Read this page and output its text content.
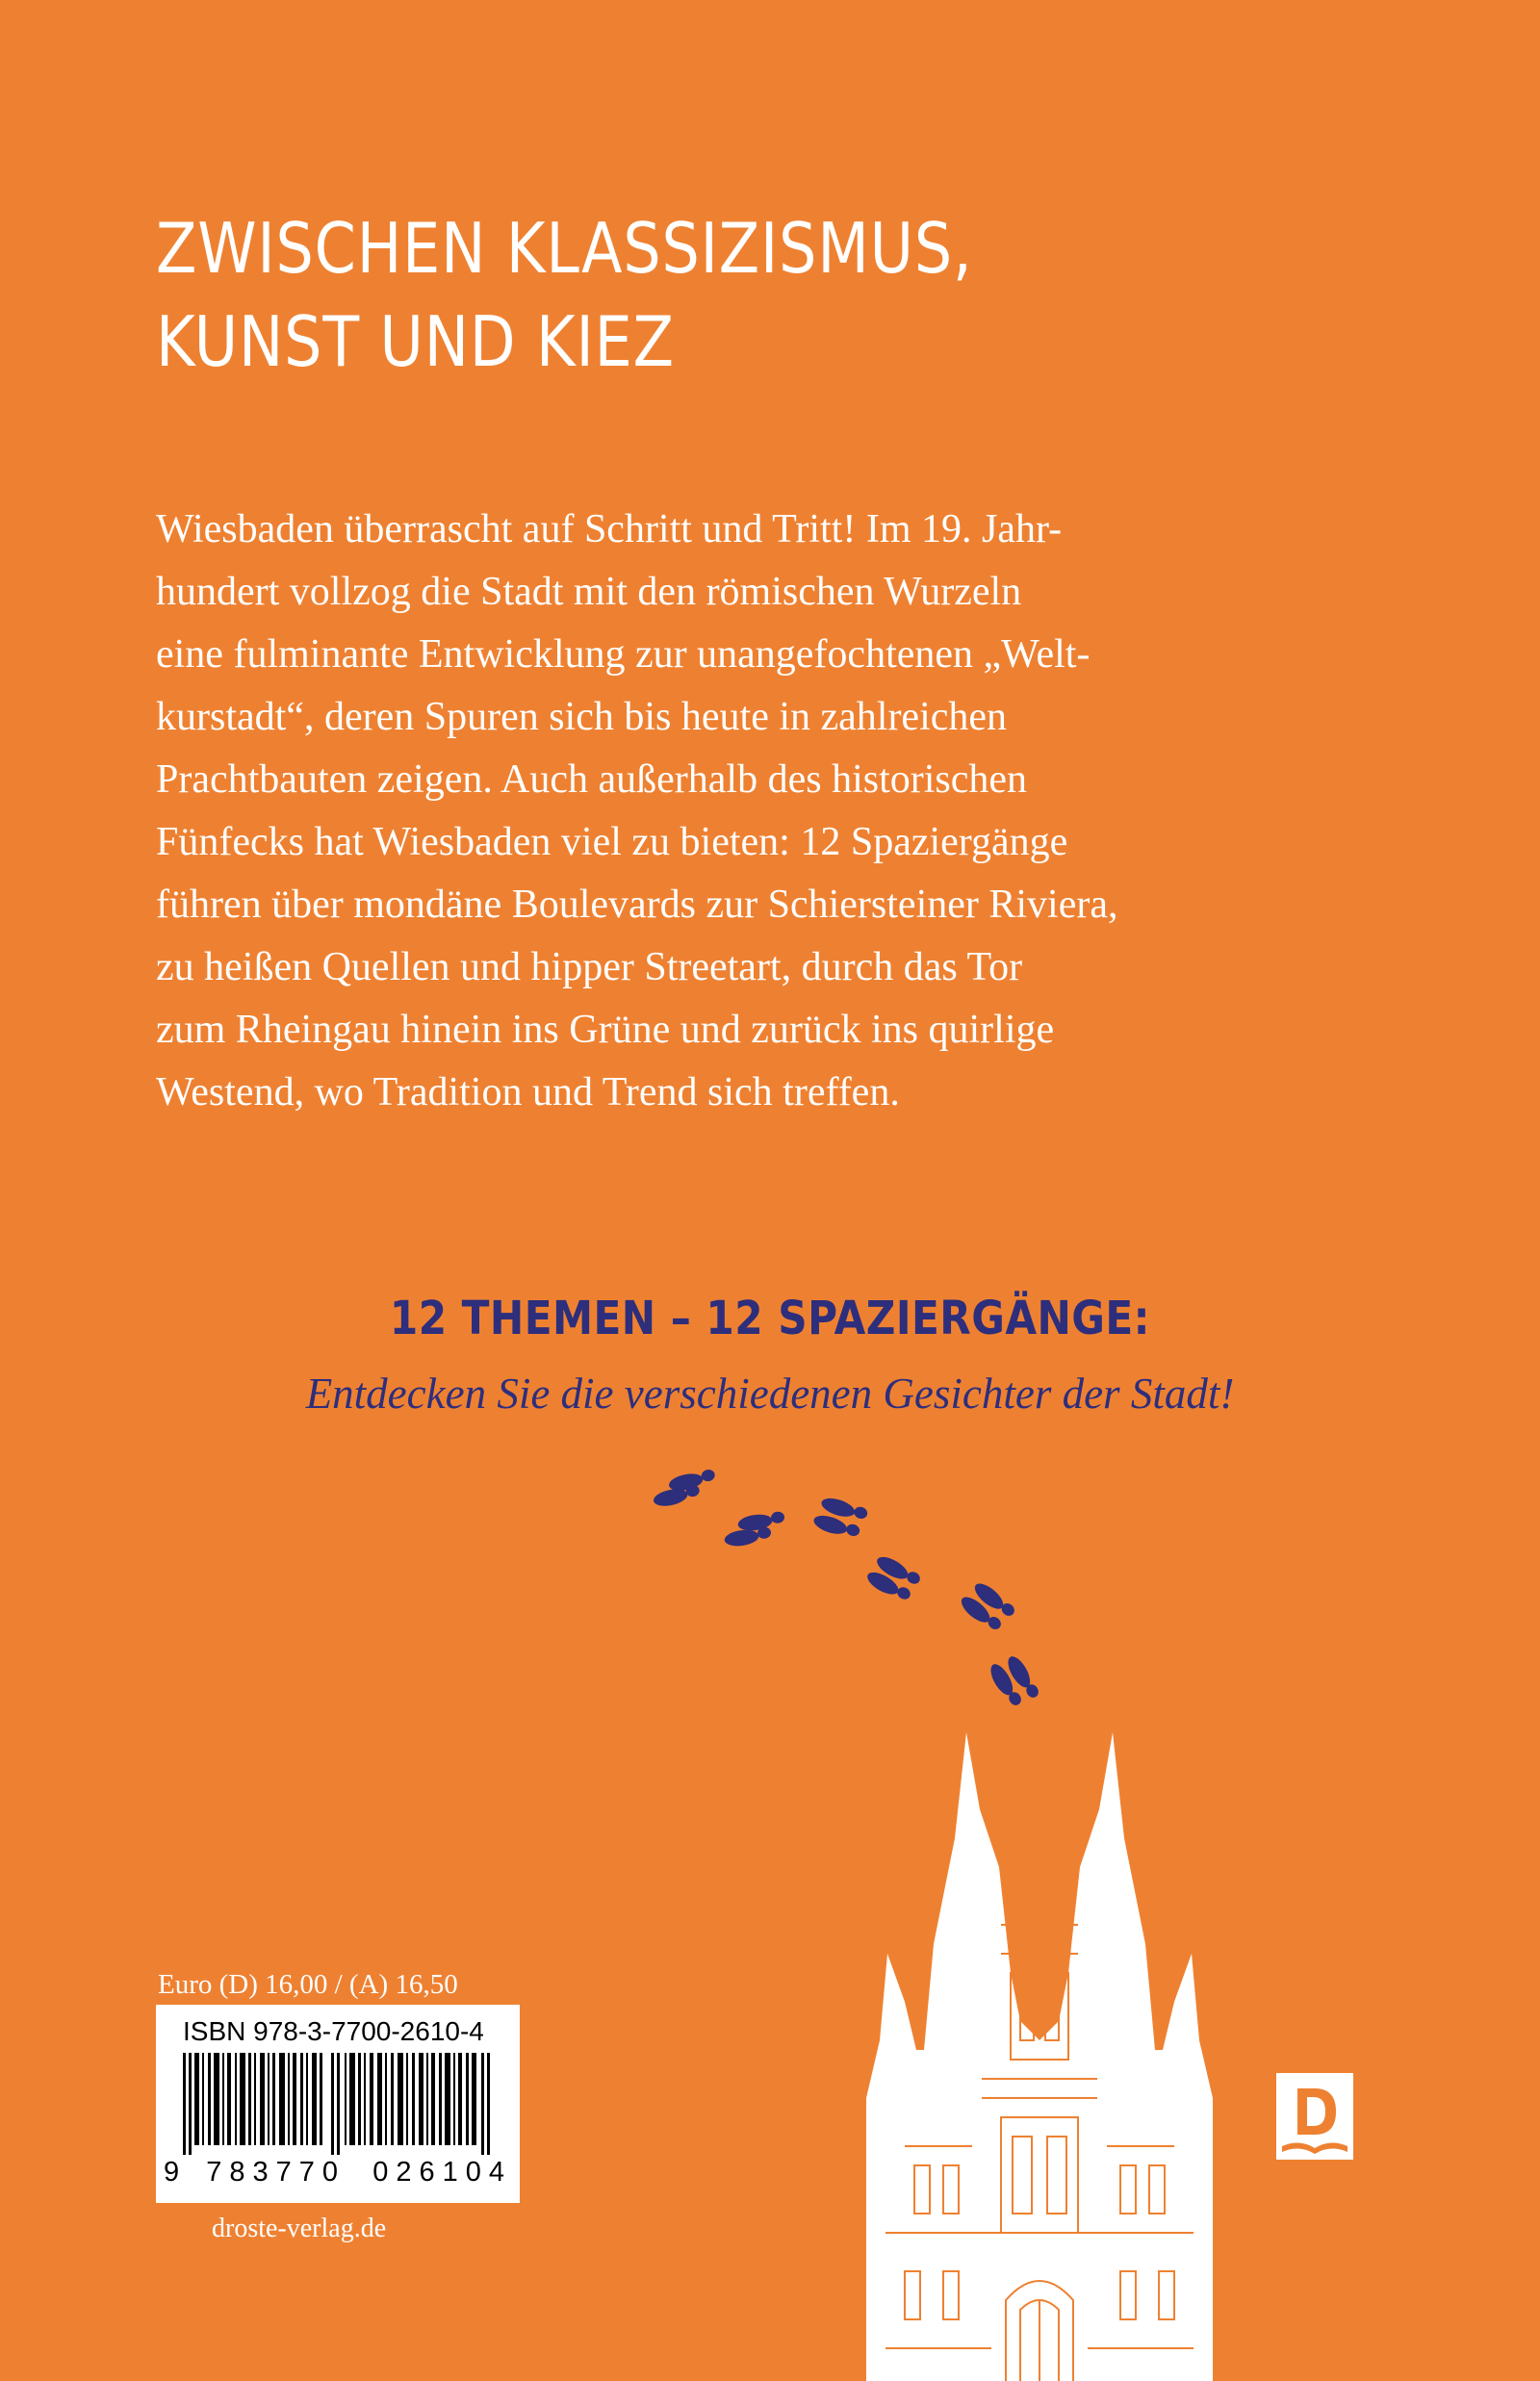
ZWISCHEN KLASSIZISMUS,
KUNST UND KIEZ

Wiesbaden überrascht auf Schritt und Tritt! Im 19. Jahr-
hundert vollzog die Stadt mit den römischen Wurzeln
eine fulminante Entwicklung zur unangefochtenen „Welt-
kurstadt“, deren Spuren sich bis heute in zahlreichen
Prachtbauten zeigen. Auch außerhalb des historischen
Fünfecks hat Wiesbaden viel zu bieten: 12 Spaziergänge
führen über mondäne Boulevards zur Schiersteiner Riviera,
zu heißen Quellen und hipper Streetart, durch das Tor
zum Rheingau hinein ins Grüne und zurück ins quirlige
Westend, wo Tradition und Trend sich treffen.

12 THEMEN – 12 SPAZIERGÄNGE:

Entdecken Sie die verschiedenen Gesichter der Stadt!

Euro (D) 16,00 / (A) 16,50
ISBN 978-3-7700-2610-4
9 783770 026104
droste-verlag.de
